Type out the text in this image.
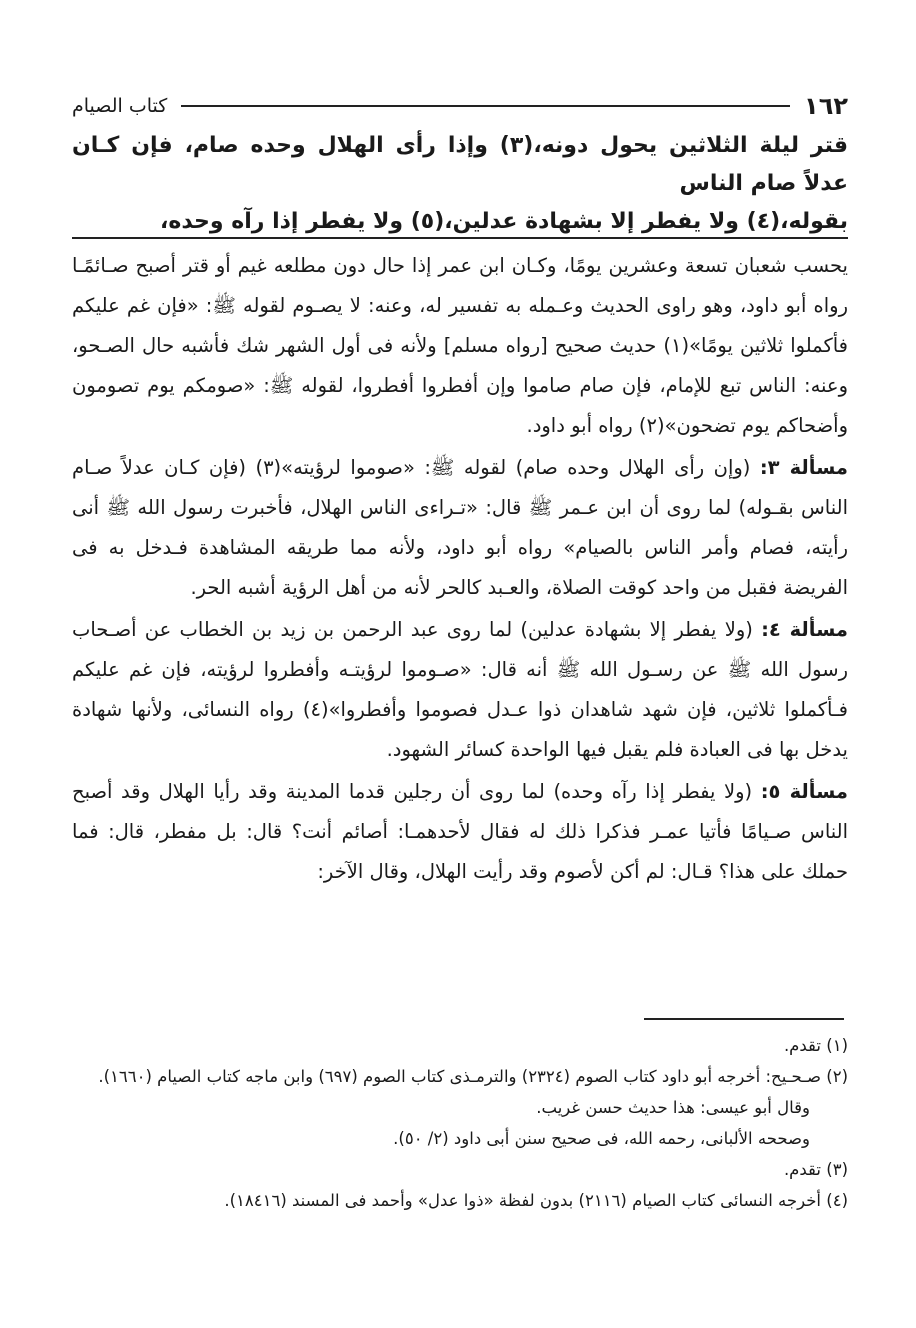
١٦٢
كتاب الصيام
قتر ليلة الثلاثين يحول دونه،(٣) وإذا رأى الهلال وحده صام، فإن كـان عدلاً صام الناس
بقوله،(٤) ولا يفطر إلا بشهادة عدلين،(٥) ولا يفطر إذا رآه وحده،

يحسب شعبان تسعة وعشرين يومًا، وكـان ابن عمر إذا حال دون مطلعه غيم أو قتر أصبح صـائمًـا رواه أبو داود، وهو راوى الحديث وعـمله به تفسير له، وعنه: لا يصـوم لقوله ﷺ: «فإن غم عليكم فأكملوا ثلاثين يومًا»(١) حديث صحيح [رواه مسلم] ولأنه فى أول الشهر شك فأشبه حال الصـحو، وعنه: الناس تبع للإمام، فإن صام صاموا وإن أفطروا أفطروا، لقوله ﷺ: «صومكم يوم تصومون وأضحاكم يوم تضحون»(٢) رواه أبو داود.

مسألة ٣: (وإن رأى الهلال وحده صام) لقوله ﷺ: «صوموا لرؤيته»(٣) (فإن كـان عدلاً صـام الناس بقـوله) لما روى أن ابن عـمر ﷺ قال: «تـراءى الناس الهلال، فأخبرت رسول الله ﷺ أنى رأيته، فصام وأمر الناس بالصيام» رواه أبو داود، ولأنه مما طريقه المشاهدة فـدخل به فى الفريضة فقبل من واحد كوقت الصلاة، والعـبد كالحر لأنه من أهل الرؤية أشبه الحر.

مسألة ٤: (ولا يفطر إلا بشهادة عدلين) لما روى عبد الرحمن بن زيد بن الخطاب عن أصـحاب رسول الله ﷺ عن رسـول الله ﷺ أنه قال: «صـوموا لرؤيتـه وأفطروا لرؤيته، فإن غم عليكم فـأكملوا ثلاثين، فإن شهد شاهدان ذوا عـدل فصوموا وأفطروا»(٤) رواه النسائى، ولأنها شهادة يدخل بها فى العبادة فلم يقبل فيها الواحدة كسائر الشهود.

مسألة ٥: (ولا يفطر إذا رآه وحده) لما روى أن رجلين قدما المدينة وقد رأيا الهلال وقد أصبح الناس صـيامًا فأتيا عمـر فذكرا ذلك له فقال لأحدهمـا: أصائم أنت؟ قال: بل مفطر، قال: فما حملك على هذا؟ قـال: لم أكن لأصوم وقد رأيت الهلال، وقال الآخر:

(١) تقدم.

(٢) صـحـيح: أخرجه أبو داود كتاب الصوم (٢٣٢٤) والترمـذى كتاب الصوم (٦٩٧) وابن ماجه كتاب الصيام (١٦٦٠).

وقال أبو عيسى: هذا حديث حسن غريب.

وصححه الألبانى، رحمه الله، فى صحيح سنن أبى داود (٢/ ٥٠).

(٣) تقدم.

(٤) أخرجه النسائى كتاب الصيام (٢١١٦) بدون لفظة «ذوا عدل» وأحمد فى المسند (١٨٤١٦).
